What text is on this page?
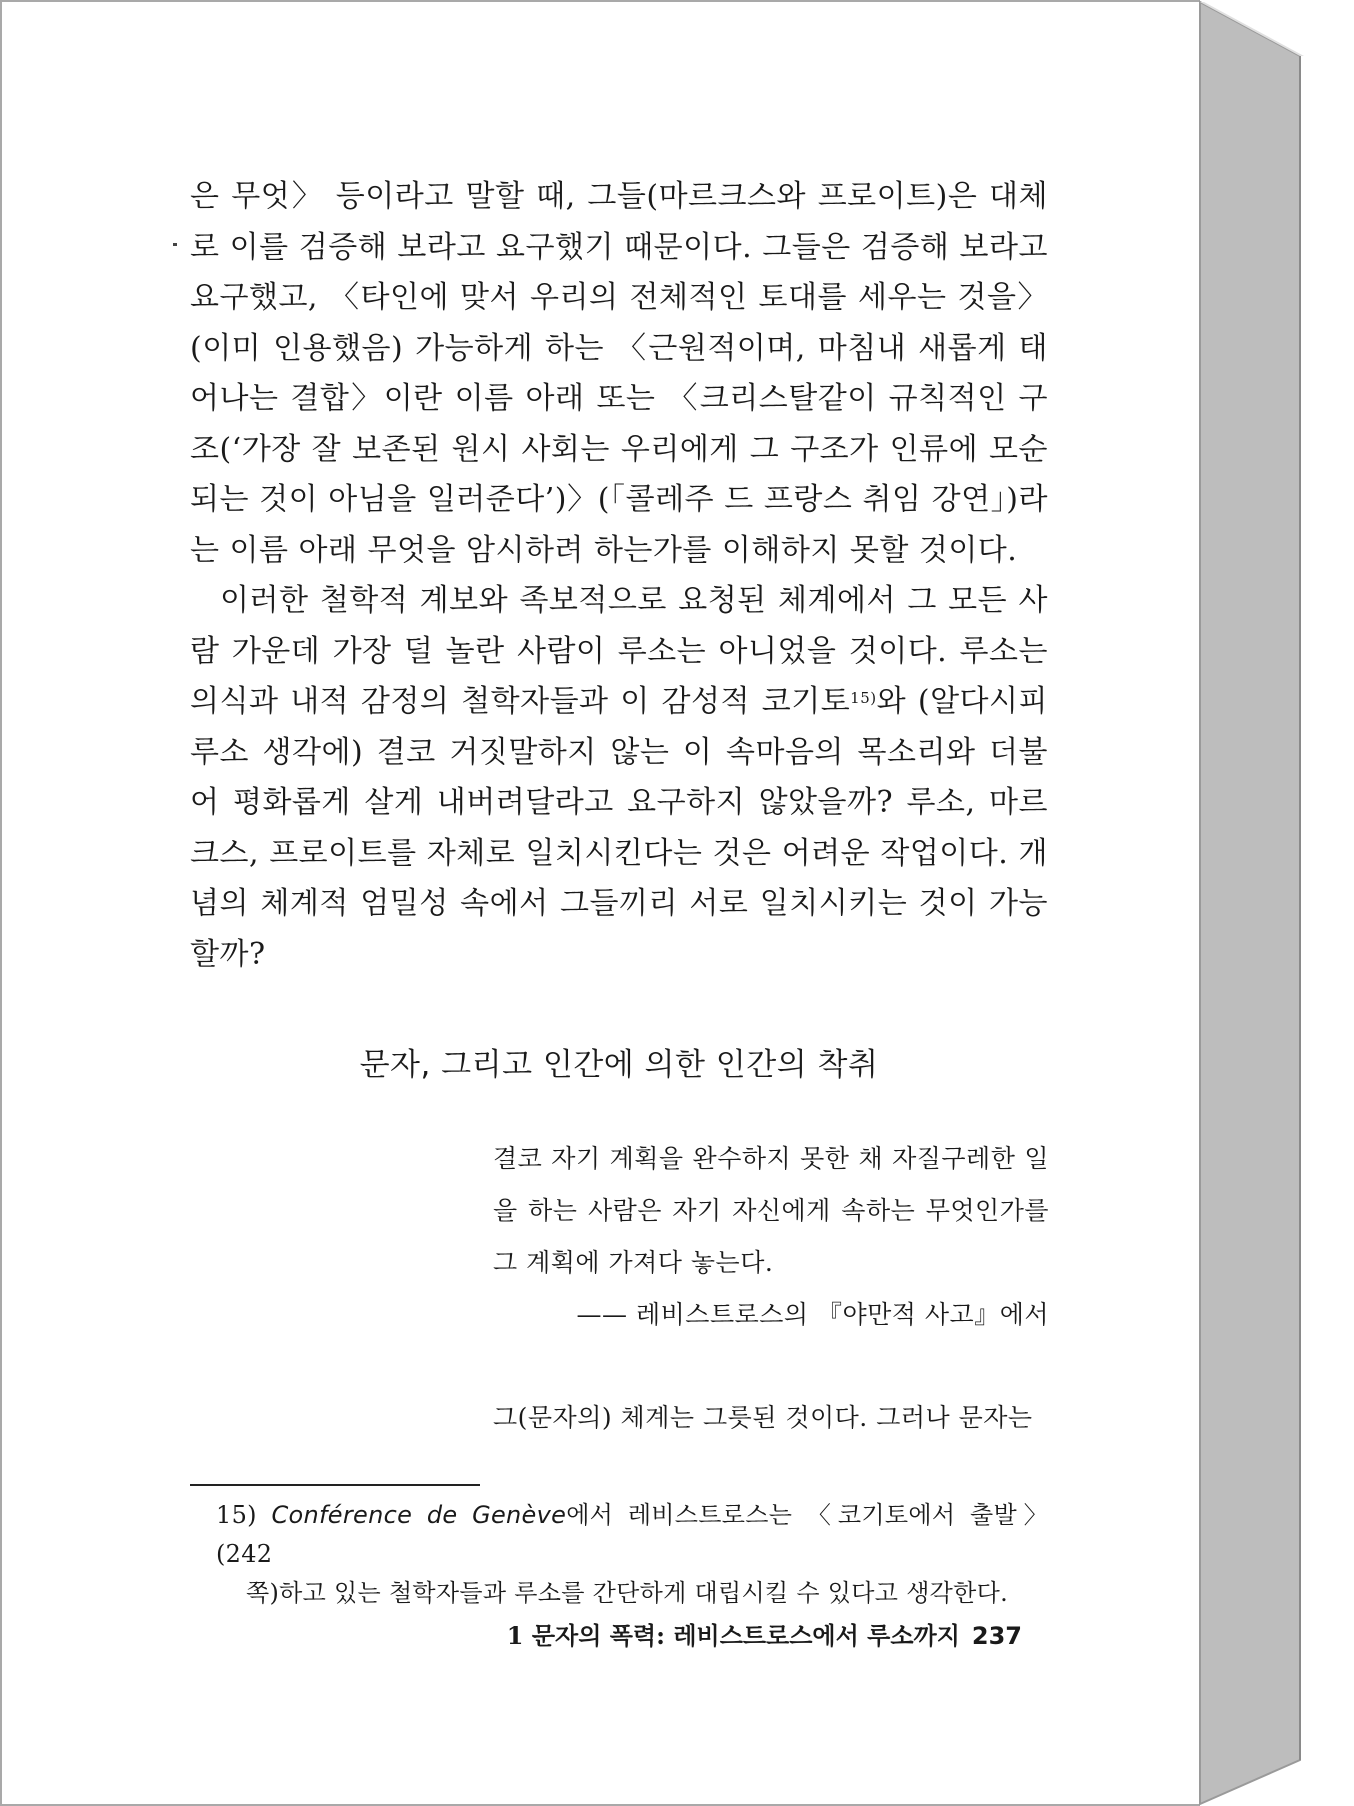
은 무엇〉 등이라고 말할 때, 그들(마르크스와 프로이트)은 대체로 이를 검증해 보라고 요구했기 때문이다. 그들은 검증해 보라고 요구했고, 〈타인에 맞서 우리의 전체적인 토대를 세우는 것을〉(이미 인용했음) 가능하게 하는 〈근원적이며, 마침내 새롭게 태어나는 결합〉이란 이름 아래 또는 〈크리스탈같이 규칙적인 구조(‘가장 잘 보존된 원시 사회는 우리에게 그 구조가 인류에 모순되는 것이 아님을 일러준다’)〉(「콜레주 드 프랑스 취임 강연」)라는 이름 아래 무엇을 암시하려 하는가를 이해하지 못할 것이다.

이러한 철학적 계보와 족보적으로 요청된 체계에서 그 모든 사람 가운데 가장 덜 놀란 사람이 루소는 아니었을 것이다. 루소는 의식과 내적 감정의 철학자들과 이 감성적 코기토$^{15)}$와 (알다시피 루소 생각에) 결코 거짓말하지 않는 이 속마음의 목소리와 더불어 평화롭게 살게 내버려달라고 요구하지 않았을까? 루소, 마르크스, 프로이트를 자체로 일치시킨다는 것은 어려운 작업이다. 개념의 체계적 엄밀성 속에서 그들끼리 서로 일치시키는 것이 가능할까?

문자, 그리고 인간에 의한 인간의 착취

결코 자기 계획을 완수하지 못한 채 자질구레한 일을 하는 사람은 자기 자신에게 속하는 무엇인가를 그 계획에 가져다 놓는다.

—— 레비스트로스의 『야만적 사고』에서

그(문자의) 체계는 그릇된 것이다. 그러나 문자는

15) Conférence de Genève에서 레비스트로스는 〈코기토에서 출발〉(242

쪽)하고 있는 철학자들과 루소를 간단하게 대립시킬 수 있다고 생각한다.

1 문자의 폭력: 레비스트로스에서 루소까지 237
